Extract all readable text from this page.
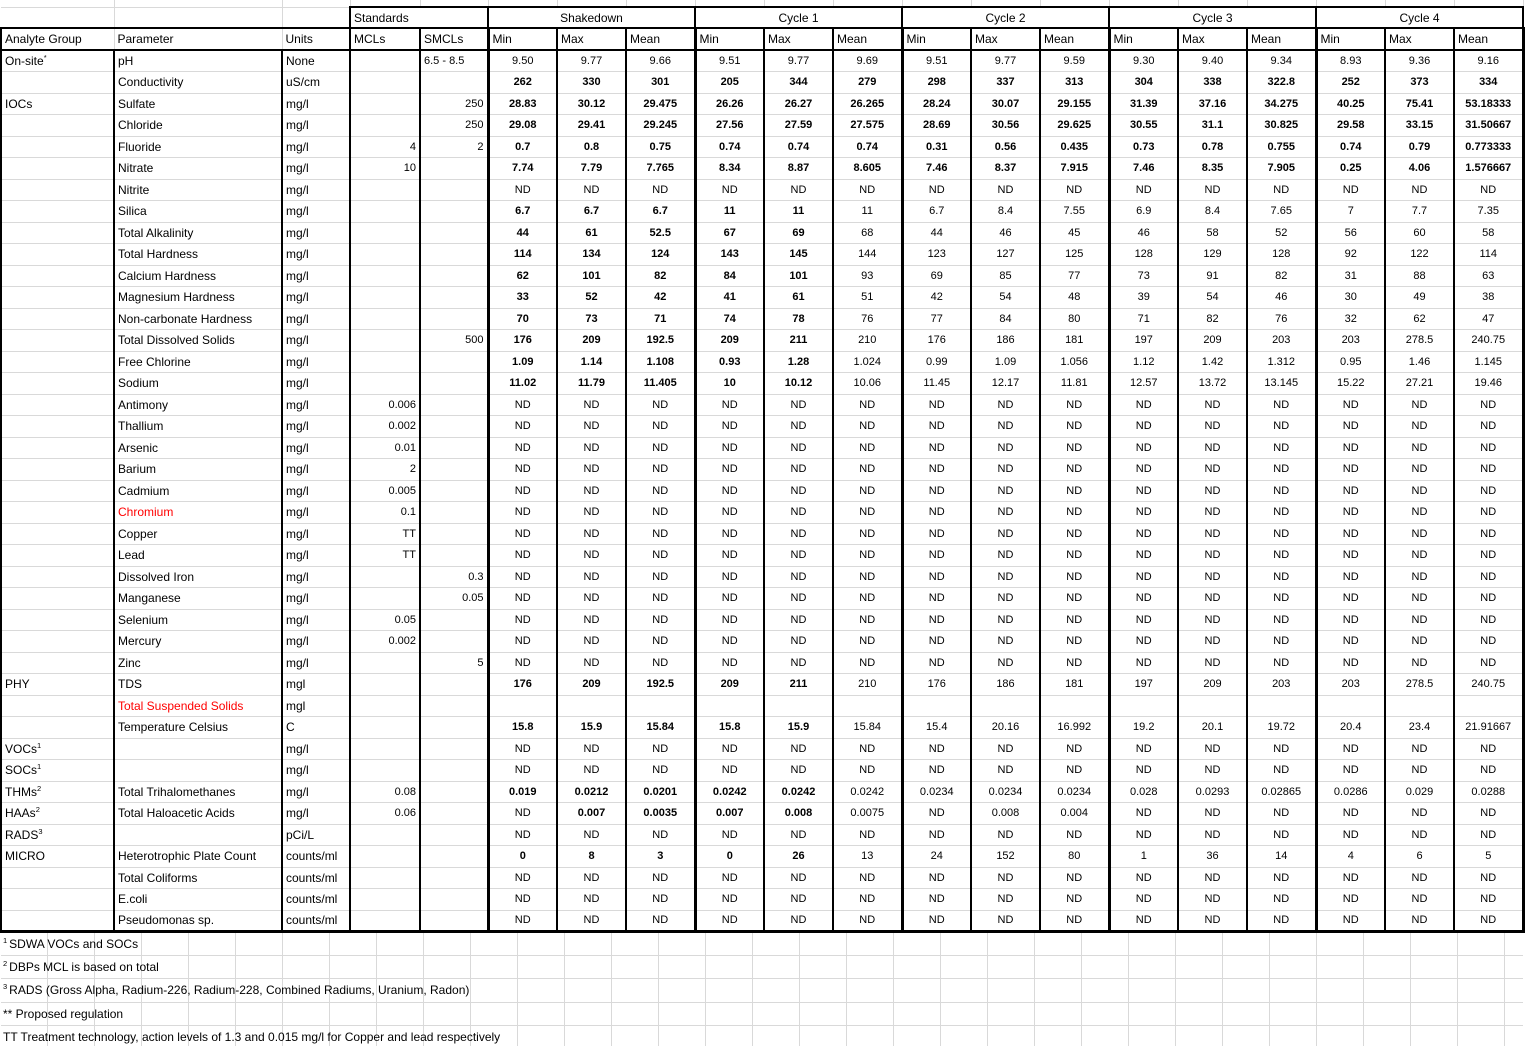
			Standards		Shakedown			Cycle 1			Cycle 2			Cycle 3			Cycle 4		
Analyte Group	Parameter	Units	MCLs	SMCLs	Min	Max	Mean	Min	Max	Mean	Min	Max	Mean	Min	Max	Mean	Min	Max	Mean
On-site*	pH	None		6.5 - 8.5	9.50	9.77	9.66	9.51	9.77	9.69	9.51	9.77	9.59	9.30	9.40	9.34	8.93	9.36	9.16
	Conductivity	uS/cm			262	330	301	205	344	279	298	337	313	304	338	322.8	252	373	334
IOCs	Sulfate	mg/l		250	28.83	30.12	29.475	26.26	26.27	26.265	28.24	30.07	29.155	31.39	37.16	34.275	40.25	75.41	53.18333
	Chloride	mg/l		250	29.08	29.41	29.245	27.56	27.59	27.575	28.69	30.56	29.625	30.55	31.1	30.825	29.58	33.15	31.50667
	Fluoride	mg/l	4	2	0.7	0.8	0.75	0.74	0.74	0.74	0.31	0.56	0.435	0.73	0.78	0.755	0.74	0.79	0.773333
	Nitrate	mg/l	10		7.74	7.79	7.765	8.34	8.87	8.605	7.46	8.37	7.915	7.46	8.35	7.905	0.25	4.06	1.576667
	Nitrite	mg/l			ND	ND	ND	ND	ND	ND	ND	ND	ND	ND	ND	ND	ND	ND	ND
	Silica	mg/l			6.7	6.7	6.7	11	11	11	6.7	8.4	7.55	6.9	8.4	7.65	7	7.7	7.35
	Total Alkalinity	mg/l			44	61	52.5	67	69	68	44	46	45	46	58	52	56	60	58
	Total Hardness	mg/l			114	134	124	143	145	144	123	127	125	128	129	128	92	122	114
	Calcium Hardness	mg/l			62	101	82	84	101	93	69	85	77	73	91	82	31	88	63
	Magnesium Hardness	mg/l			33	52	42	41	61	51	42	54	48	39	54	46	30	49	38
	Non-carbonate Hardness	mg/l			70	73	71	74	78	76	77	84	80	71	82	76	32	62	47
	Total Dissolved Solids	mg/l		500	176	209	192.5	209	211	210	176	186	181	197	209	203	203	278.5	240.75
	Free Chlorine	mg/l			1.09	1.14	1.108	0.93	1.28	1.024	0.99	1.09	1.056	1.12	1.42	1.312	0.95	1.46	1.145
	Sodium	mg/l			11.02	11.79	11.405	10	10.12	10.06	11.45	12.17	11.81	12.57	13.72	13.145	15.22	27.21	19.46
	Antimony	mg/l	0.006		ND	ND	ND	ND	ND	ND	ND	ND	ND	ND	ND	ND	ND	ND	ND
	Thallium	mg/l	0.002		ND	ND	ND	ND	ND	ND	ND	ND	ND	ND	ND	ND	ND	ND	ND
	Arsenic	mg/l	0.01		ND	ND	ND	ND	ND	ND	ND	ND	ND	ND	ND	ND	ND	ND	ND
	Barium	mg/l	2		ND	ND	ND	ND	ND	ND	ND	ND	ND	ND	ND	ND	ND	ND	ND
	Cadmium	mg/l	0.005		ND	ND	ND	ND	ND	ND	ND	ND	ND	ND	ND	ND	ND	ND	ND
	Chromium	mg/l	0.1		ND	ND	ND	ND	ND	ND	ND	ND	ND	ND	ND	ND	ND	ND	ND
	Copper	mg/l	TT		ND	ND	ND	ND	ND	ND	ND	ND	ND	ND	ND	ND	ND	ND	ND
	Lead	mg/l	TT		ND	ND	ND	ND	ND	ND	ND	ND	ND	ND	ND	ND	ND	ND	ND
	Dissolved Iron	mg/l		0.3	ND	ND	ND	ND	ND	ND	ND	ND	ND	ND	ND	ND	ND	ND	ND
	Manganese	mg/l		0.05	ND	ND	ND	ND	ND	ND	ND	ND	ND	ND	ND	ND	ND	ND	ND
	Selenium	mg/l	0.05		ND	ND	ND	ND	ND	ND	ND	ND	ND	ND	ND	ND	ND	ND	ND
	Mercury	mg/l	0.002		ND	ND	ND	ND	ND	ND	ND	ND	ND	ND	ND	ND	ND	ND	ND
	Zinc	mg/l		5	ND	ND	ND	ND	ND	ND	ND	ND	ND	ND	ND	ND	ND	ND	ND
PHY	TDS	mgl			176	209	192.5	209	211	210	176	186	181	197	209	203	203	278.5	240.75
	Total Suspended Solids	mgl																	
	Temperature Celsius	C			15.8	15.9	15.84	15.8	15.9	15.84	15.4	20.16	16.992	19.2	20.1	19.72	20.4	23.4	21.91667
VOCs$^1$		mg/l			ND	ND	ND	ND	ND	ND	ND	ND	ND	ND	ND	ND	ND	ND	ND
SOCs$^1$		mg/l			ND	ND	ND	ND	ND	ND	ND	ND	ND	ND	ND	ND	ND	ND	ND
THMs$^2$	Total Trihalomethanes	mg/l	0.08		0.019	0.0212	0.0201	0.0242	0.0242	0.0242	0.0234	0.0234	0.0234	0.028	0.0293	0.02865	0.0286	0.029	0.0288
HAAs$^2$	Total Haloacetic Acids	mg/l	0.06		ND	0.007	0.0035	0.007	0.008	0.0075	ND	0.008	0.004	ND	ND	ND	ND	ND	ND
RADS$^3$		pCi/L			ND	ND	ND	ND	ND	ND	ND	ND	ND	ND	ND	ND	ND	ND	ND
MICRO	Heterotrophic Plate Count	counts/ml			0	8	3	0	26	13	24	152	80	1	36	14	4	6	5
	Total Coliforms	counts/ml			ND	ND	ND	ND	ND	ND	ND	ND	ND	ND	ND	ND	ND	ND	ND
	E.coli	counts/ml			ND	ND	ND	ND	ND	ND	ND	ND	ND	ND	ND	ND	ND	ND	ND
	Pseudomonas sp.	counts/ml			ND	ND	ND	ND	ND	ND	ND	ND	ND	ND	ND	ND	ND	ND	ND
$^1$ SDWA VOCs and SOCs																			
$^2$ DBPs MCL is based on total																			
$^3$ RADS (Gross Alpha, Radium-226, Radium-228, Combined Radiums, Uranium, Radon)																			
** Proposed regulation																			
TT Treatment technology, action levels of 1.3 and 0.015 mg/l for Copper and lead respectively																			
